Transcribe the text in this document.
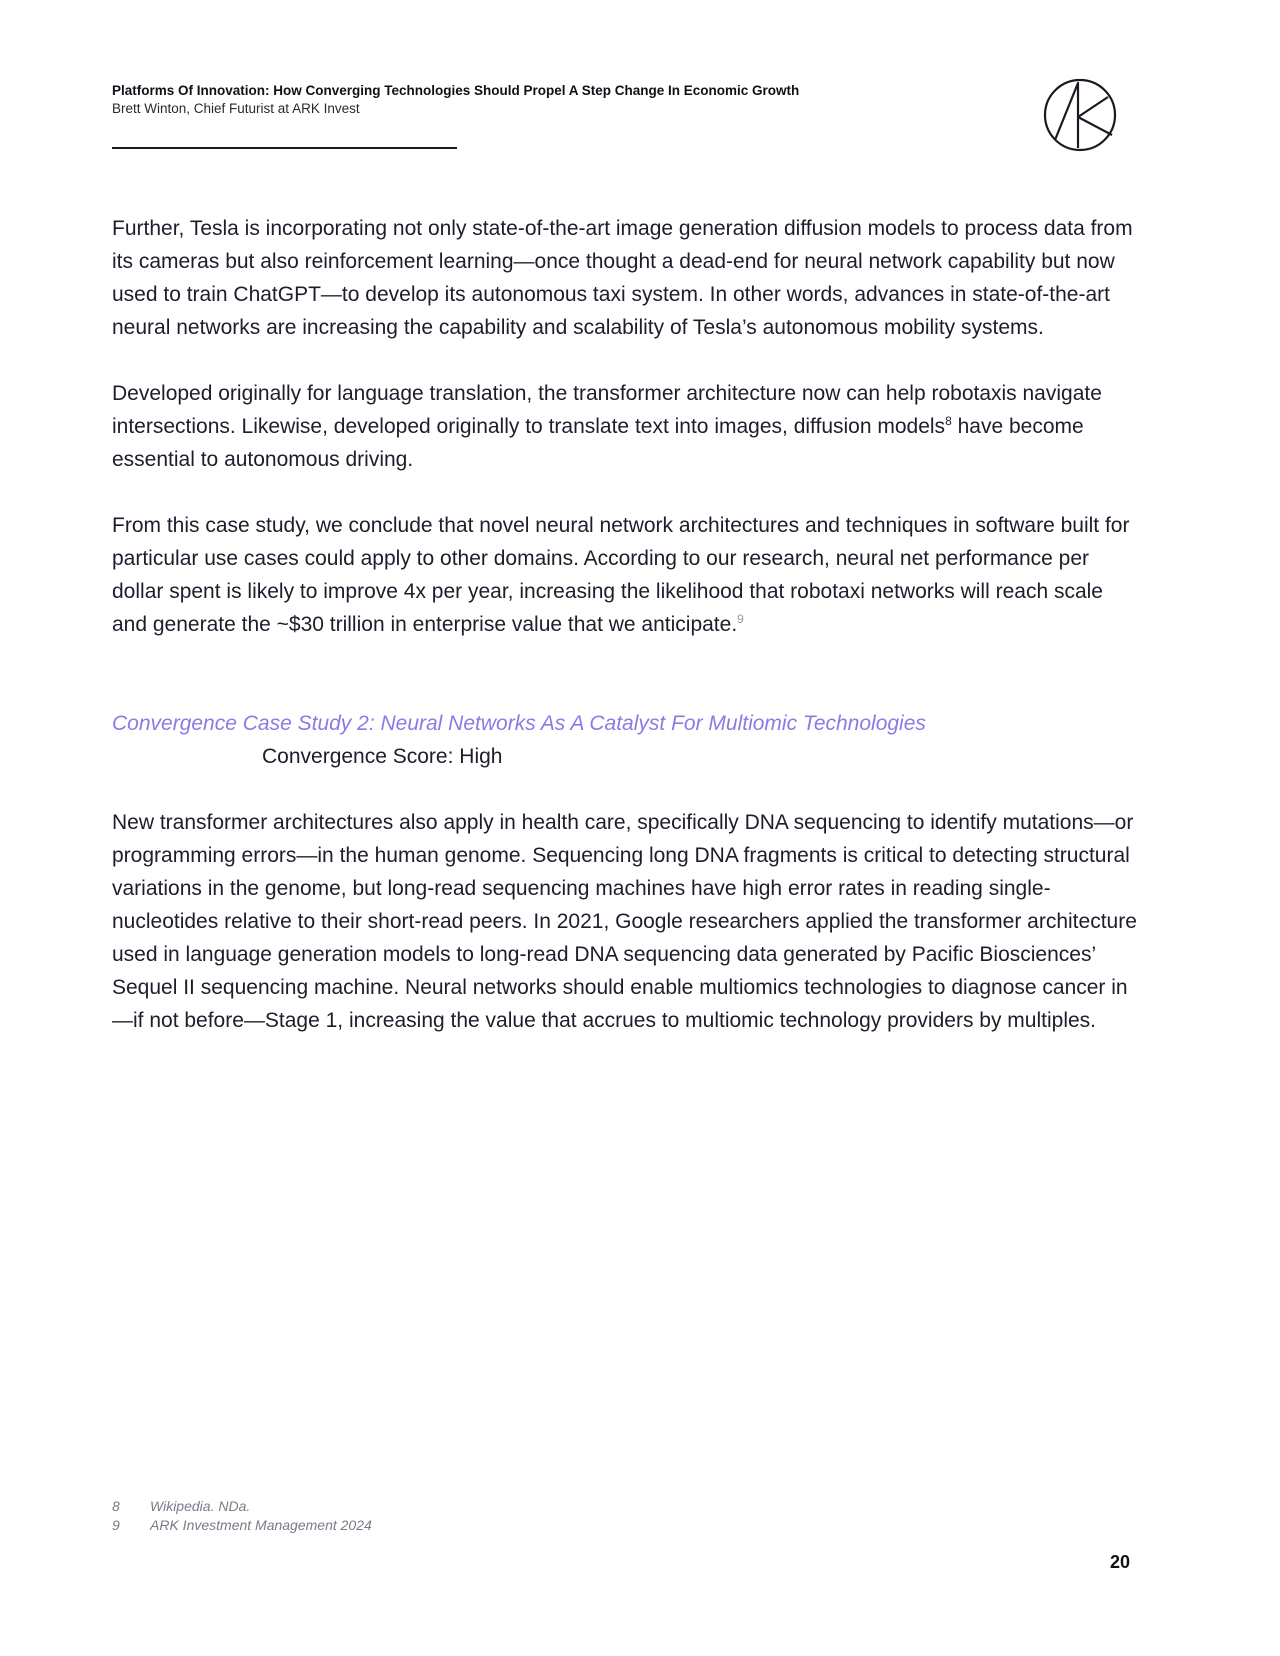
Platforms Of Innovation: How Converging Technologies Should Propel A Step Change In Economic Growth

Brett Winton, Chief Futurist at ARK Invest

Further, Tesla is incorporating not only state-of-the-art image generation diffusion models to process data from its cameras but also reinforcement learning—once thought a dead-end for neural network capability but now used to train ChatGPT—to develop its autonomous taxi system. In other words, advances in state-of-the-art neural networks are increasing the capability and scalability of Tesla’s autonomous mobility systems.

Developed originally for language translation, the transformer architecture now can help robotaxis navigate intersections. Likewise, developed originally to translate text into images, diffusion models$^8$ have become essential to autonomous driving.

From this case study, we conclude that novel neural network architectures and techniques in software built for particular use cases could apply to other domains. According to our research, neural net performance per dollar spent is likely to improve 4x per year, increasing the likelihood that robotaxi networks will reach scale and generate the ~$30 trillion in enterprise value that we anticipate.$^9$

Convergence Case Study 2: Neural Networks As A Catalyst For Multiomic Technologies

Convergence Score: High

New transformer architectures also apply in health care, specifically DNA sequencing to identify mutations—or programming errors—in the human genome. Sequencing long DNA fragments is critical to detecting structural variations in the genome, but long-read sequencing machines have high error rates in reading single-nucleotides relative to their short-read peers. In 2021, Google researchers applied the transformer architecture used in language generation models to long-read DNA sequencing data generated by Pacific Biosciences’ Sequel II sequencing machine. Neural networks should enable multiomics technologies to diagnose cancer in—if not before—Stage 1, increasing the value that accrues to multiomic technology providers by multiples.

8	Wikipedia. NDa.
9	ARK Investment Management 2024
20
